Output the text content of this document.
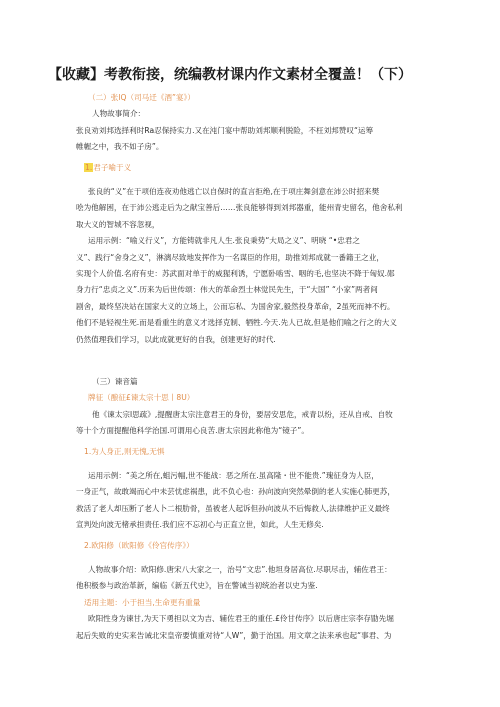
【收藏】考教衔接，统编教材课内作文素材全覆盖！（下）
（二）张lQ（司马迁《酒”宴》）
人物故事简介：
张良劝刘邦选择利时Ra忍保持实力.又在沌门宴中帮助刘邦顺利脱险，不枉刘邦赞叹“运筹
帷幄之中，我不如子房”。
1.君子喻于义
张良的“义”在于项伯连夜劝他逃亡以自保时的直言拒绝,在于项庄舞剑意在沛公时招来樊
哙为他解困，在于沛公逃走后为之献宝善后……张良能够得到刘邦器重，能州青史留名，他舍私利
取大义的智城不容忽视，
运用示例：“喻义行义”，方能铸就非凡人生.张良秉势“大局之义”、明晓 “•忠君之
义”、践行“舍身之义”，淋漓尽致地发挥作为一名谋臣的作用，助推刘邦成就一番籍王之业，
实现个人价值.名府有史：苏武面对单于的威猩利诱，宁愿卧啮雪、咽的毛,也坚决不降于匈奴.郧
身力行“忠贞之义”.历来为后世传颂：伟大的革命烈士林觉民先生，于“大国” “小家”两者间
剧舍，最终坚决站在国家大义的立场上，公而忘私、为国舍家,毅然投身革命，2虽死而神不朽。
他们不是轻视生死.而是看重生的意义才选择克制、牺牲.今天.先人已故,但是他们喻之行之的大义
仍然值理我们学习，以此成就更好的自我，创建更好的时代.
（三）谏音篇
牌征（酿征£谏太宗十思丨8U）
他《谏太宗l思疏》,提醒唐太宗注意君王的身份，要居安思危，戒青以纷，还从自戒、自牧
等十个方面提醒他科学治国.可谓用心良苦.唐太宗因此称他为“镜子”。
1.为人身正,则无愧,无惧
运用示例：“美之所在,蛆污幅,世不能战：恶之所在.虽高隆・世不能贵.”瑰征身为人臣，
一身正气，故敢竭而心中未芸忧虑祸患，此不负心也：孙向波向突然晕倒的老人实施心肺更苏，
救活了老人却压断了老人卜二根肋骨，虽被老人起诉但孙向波从不后悔救人,法律维护正义最终
宣判处向波无楮承担责任.我们应不忘初心与正直立世，如此，人生无修矣.
2.欧阳修（欧阳修《伶官传序》）
人物故事介绍：欧阳修.唐宋八大家之一，治号“文忠”.他坦身居高位.尽职尽击，辅佐君王：
他积极参与政治革新，编临《新五代史》，旨在警诫当初统治者以史为鉴.
适用主题：小于担当,生命更有重量
欧阳性身为谏甘,为天下勇担以文为吉、辅佐君王的重任.£伶甘传序》以后唐庄宗李存勖先堀
起后失败的史实来告诫北宋皇帝要慎重对待“人W”，勤于治国。用文章之法来承也起“事君、为
